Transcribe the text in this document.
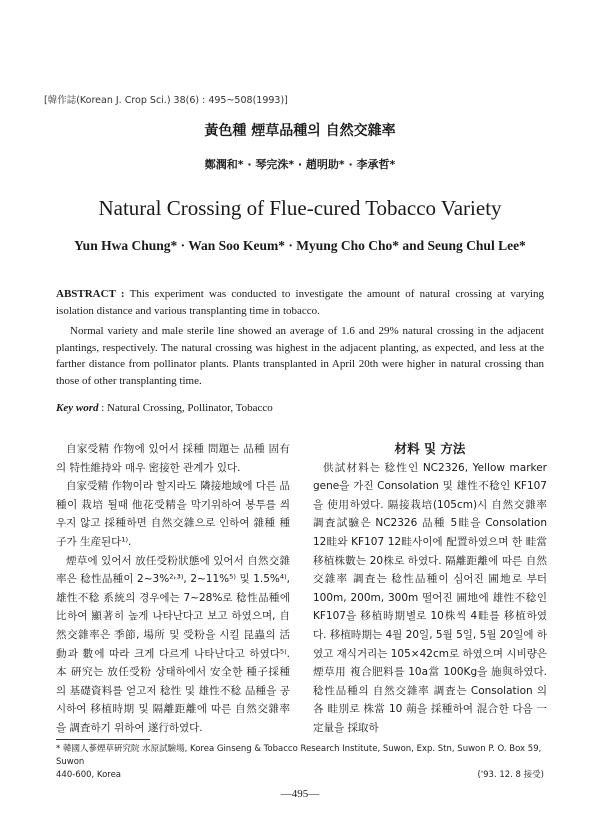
[韓作誌(Korean J. Crop Sci.) 38(6) : 495~508(1993)]
黃色種 煙草品種의 自然交雜率
鄭潤和* · 琴完洙* · 趙明助* · 李承哲*
Natural Crossing of Flue-cured Tobacco Variety
Yun Hwa Chung* · Wan Soo Keum* · Myung Cho Cho* and Seung Chul Lee*

ABSTRACT : This experiment was conducted to investigate the amount of natural crossing at varying isolation distance and various transplanting time in tobacco.

Normal variety and male sterile line showed an average of 1.6 and 29% natural crossing in the adjacent plantings, respectively. The natural crossing was highest in the adjacent planting, as expected, and less at the farther distance from pollinator plants. Plants transplanted in April 20th were higher in natural crossing than those of other transplanting time.

Key word : Natural Crossing, Pollinator, Tobacco

自家受精 作物에 있어서 採種 問題는 品種 固有의 特性維持와 매우 密接한 관계가 있다.

自家受精 作物이라 할지라도 隣接地域에 다른 品種이 栽培 될때 他花受精을 막기위하여 봉투를 씌우지 않고 採種하면 自然交雜으로 인하여 雜種 種子가 生産된다¹⁾.

煙草에 있어서 放任受粉狀態에 있어서 自然交雜率은 稔性品種이 2~3%²˒³⁾, 2~11%⁵⁾ 및 1.5%⁴⁾, 雄性不稔 系統의 경우에는 7~28%로 稔性品種에 比하여 顯著히 높게 나타난다고 보고 하였으며, 自然交雜率은 季節, 場所 및 受粉을 시킬 昆蟲의 活動과 數에 따라 크게 다르게 나타난다고 하였다⁵⁾. 本 硏究는 放任受粉 상태하에서 安全한 種子採種의 基礎資料를 얻고저 稔性 및 雄性不稔 品種을 공시하여 移植時期 및 隔離距離에 따른 自然交雜率을 調査하기 위하여 遂行하였다.

材料 및 方法

供試材料는 稔性인 NC2326, Yellow marker gene을 가진 Consolation 및 雄性不稔인 KF107을 使用하였다. 隔接栽培(105cm)시 自然交雜率 調査試驗은 NC2326 品種 5畦을 Consolation 12畦와 KF107 12畦사이에 配置하였으며 한 畦當 移植株數는 20株로 하였다. 隔離距離에 따른 自然交雜率 調査는 稔性品種이 심어진 圃地로 부터 100m, 200m, 300m 떨어진 圃地에 雄性不稔인 KF107을 移植時期별로 10株씩 4畦를 移植하였다. 移植時期는 4월 20일, 5월 5일, 5월 20일에 하였고 재식거리는 105×42cm로 하였으며 시비량은 煙草用 複合肥料를 10a當 100Kg을 施與하였다. 稔性品種의 自然交雜率 調査는 Consolation 의 各 畦別로 株當 10 蒴을 採種하여 混合한 다음 一定量을 採取하

* 韓國人蔘煙草硏究院 水原試驗場, Korea Ginseng & Tobacco Research Institute, Suwon, Exp. Stn, Suwon P. O. Box 59, Suwon
440-600, Korea	('93. 12. 8 接受)
—495—
